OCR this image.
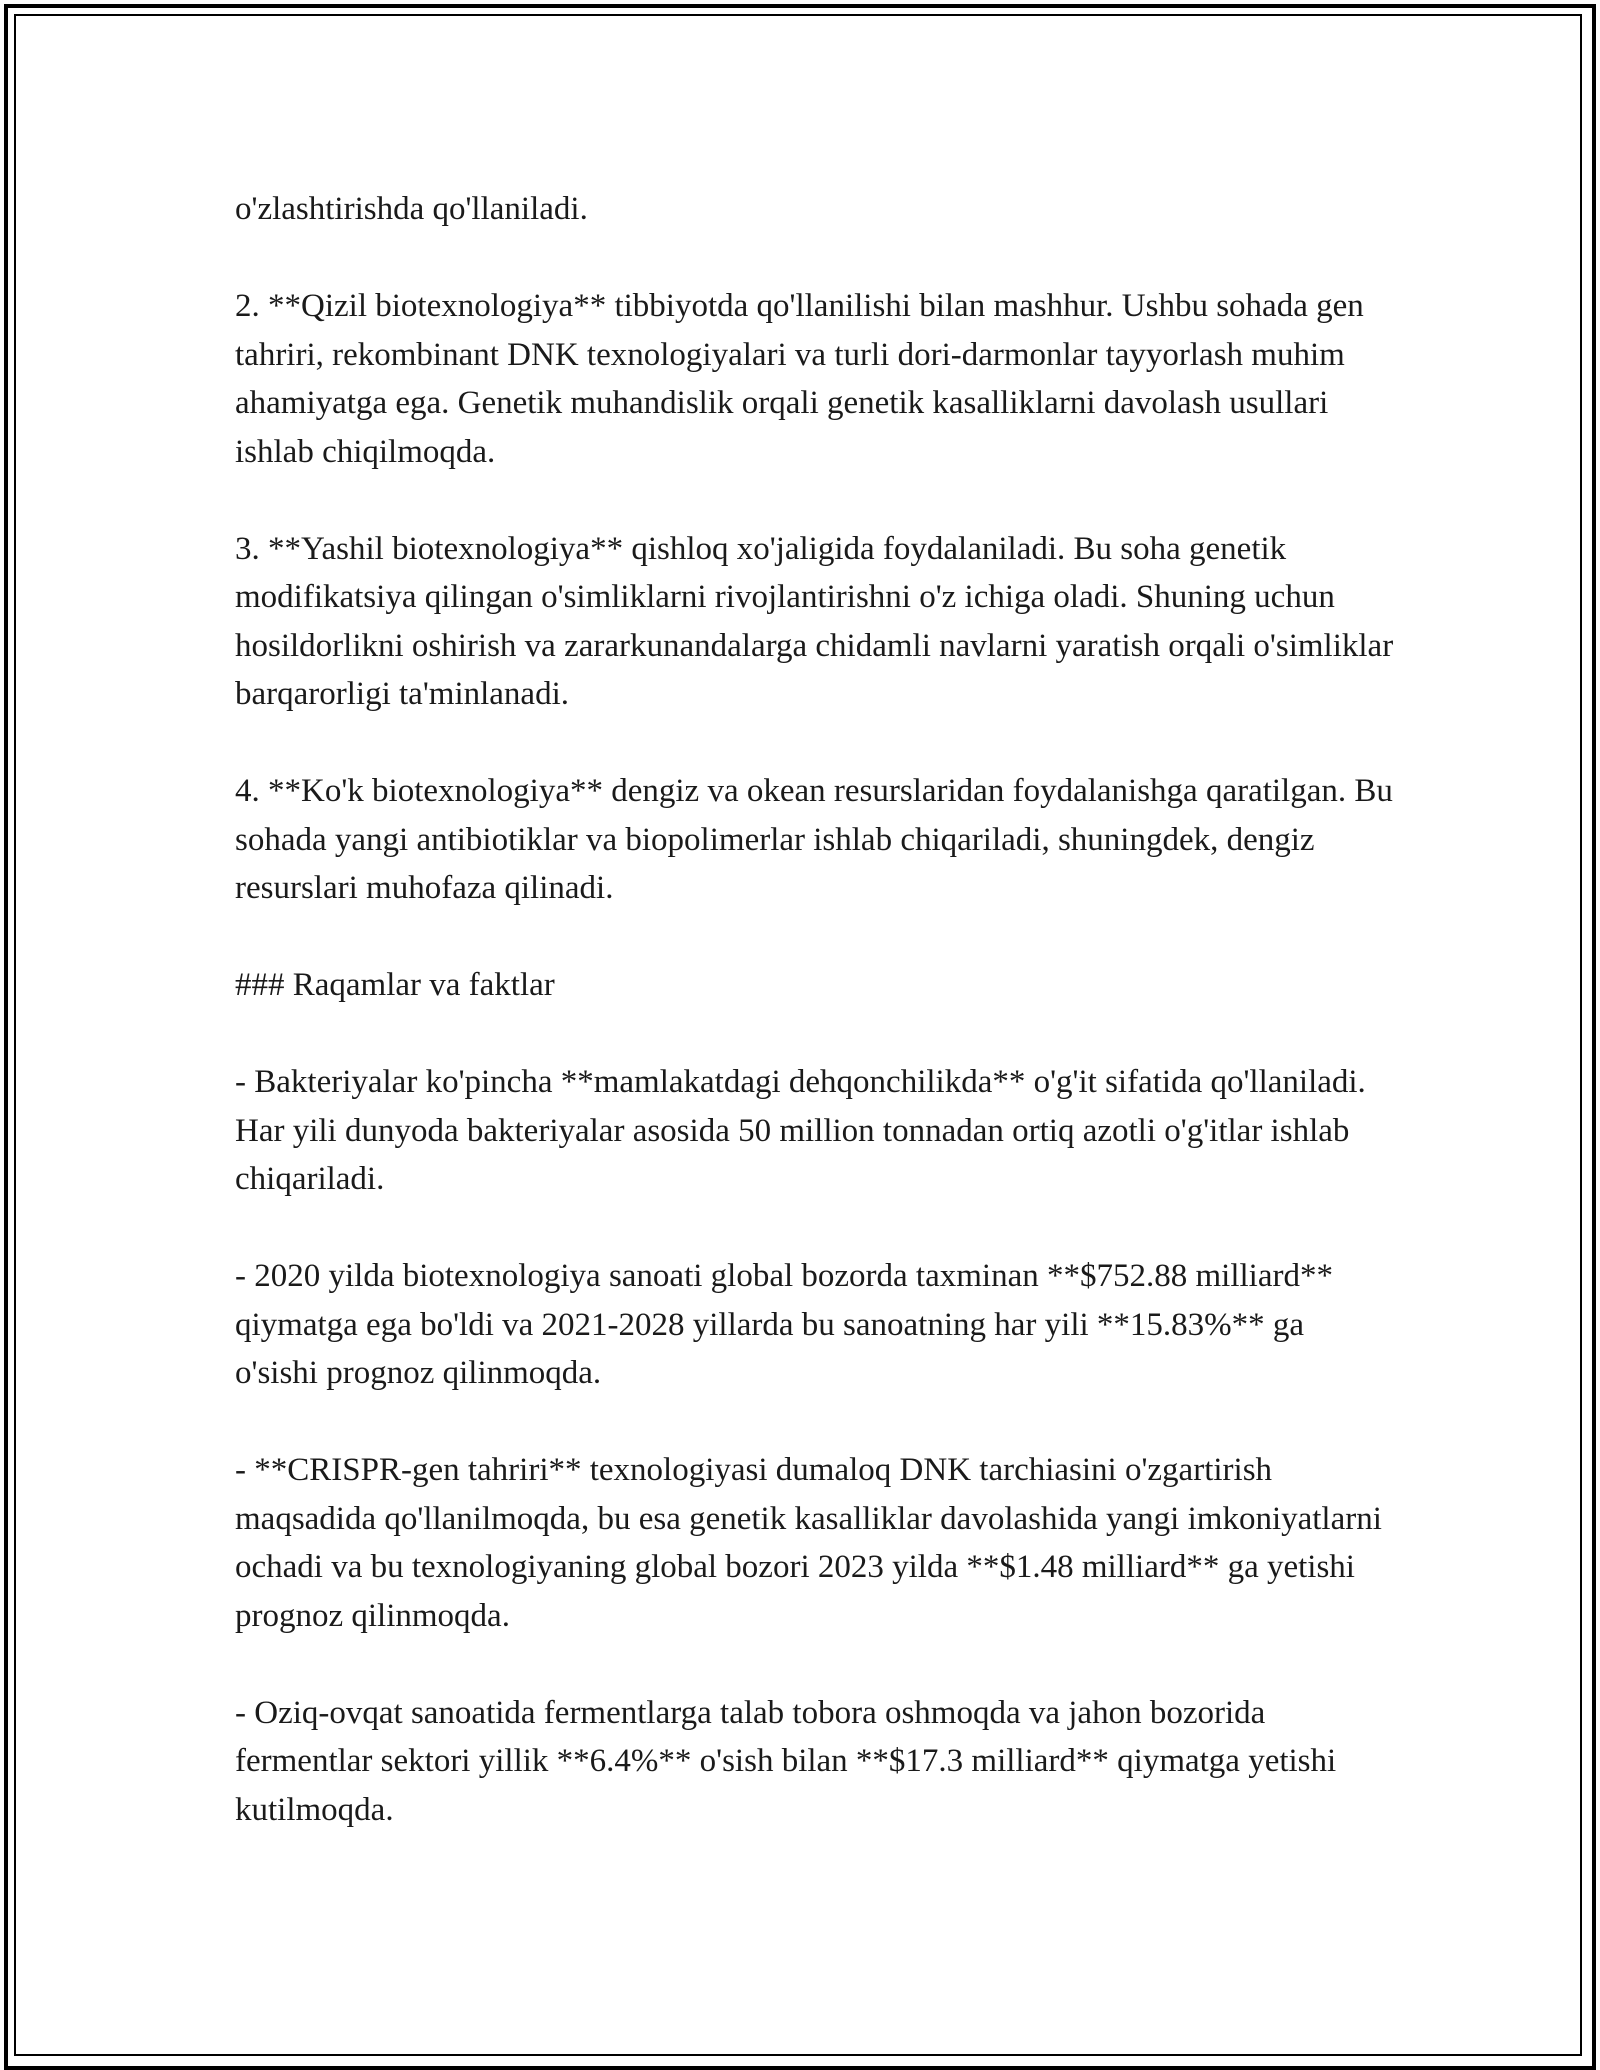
o'zlashtirishda qo'llaniladi.

2. **Qizil biotexnologiya** tibbiyotda qo'llanilishi bilan mashhur. Ushbu sohada gen tahriri, rekombinant DNK texnologiyalari va turli dori-darmonlar tayyorlash muhim ahamiyatga ega. Genetik muhandislik orqali genetik kasalliklarni davolash usullari ishlab chiqilmoqda.

3. **Yashil biotexnologiya** qishloq xo'jaligida foydalaniladi. Bu soha genetik modifikatsiya qilingan o'simliklarni rivojlantirishni o'z ichiga oladi. Shuning uchun hosildorlikni oshirish va zararkunandalarga chidamli navlarni yaratish orqali o'simliklar barqarorligi ta'minlanadi.

4. **Ko'k biotexnologiya** dengiz va okean resurslaridan foydalanishga qaratilgan. Bu sohada yangi antibiotiklar va biopolimerlar ishlab chiqariladi, shuningdek, dengiz resurslari muhofaza qilinadi.

### Raqamlar va faktlar

- Bakteriyalar ko'pincha **mamlakatdagi dehqonchilikda** o'g'it sifatida qo'llaniladi. Har yili dunyoda bakteriyalar asosida 50 million tonnadan ortiq azotli o'g'itlar ishlab chiqariladi.

- 2020 yilda biotexnologiya sanoati global bozorda taxminan **$752.88 milliard** qiymatga ega bo'ldi va 2021-2028 yillarda bu sanoatning har yili **15.83%** ga o'sishi prognoz qilinmoqda.

- **CRISPR-gen tahriri** texnologiyasi dumaloq DNK tarchiasini o'zgartirish maqsadida qo'llanilmoqda, bu esa genetik kasalliklar davolashida yangi imkoniyatlarni ochadi va bu texnologiyaning global bozori 2023 yilda **$1.48 milliard** ga yetishi prognoz qilinmoqda.

- Oziq-ovqat sanoatida fermentlarga talab tobora oshmoqda va jahon bozorida fermentlar sektori yillik **6.4%** o'sish bilan **$17.3 milliard** qiymatga yetishi kutilmoqda.
